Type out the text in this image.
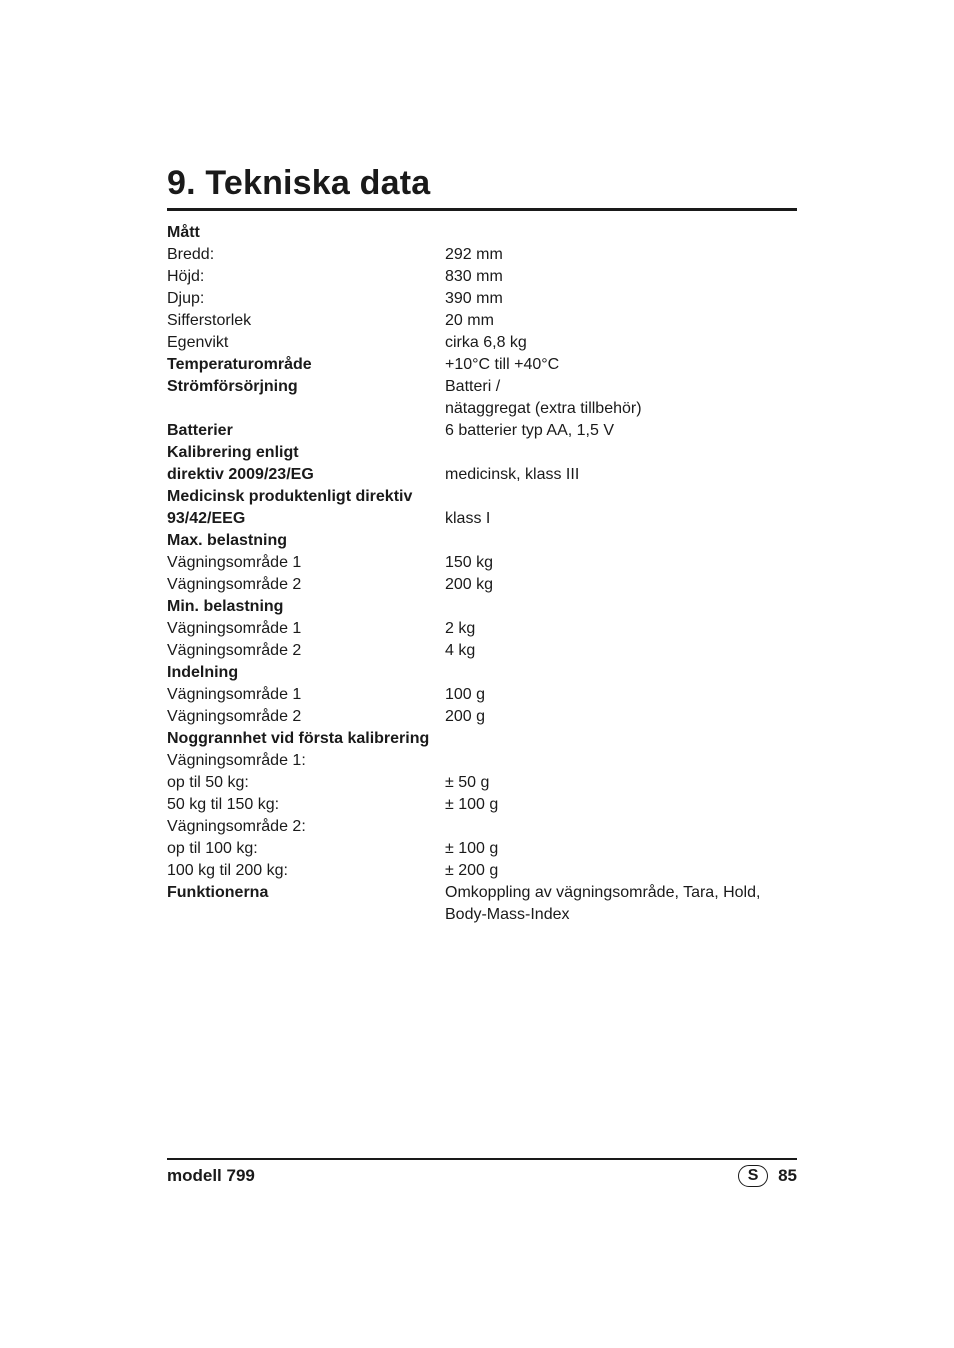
9. Tekniska data
Mått
Bredd:	292 mm
Höjd:	830 mm
Djup:	390 mm
Sifferstorlek	20 mm
Egenvikt	cirka 6,8 kg
Temperaturområde	+10°C till +40°C
Strömförsörjning	Batteri /
nätaggregat (extra tillbehör)
Batterier	6 batterier typ AA, 1,5 V
Kalibrering enligt
direktiv 2009/23/EG	medicinsk, klass III
Medicinsk produktenligt direktiv
93/42/EEG	klass I
Max. belastning
Vägningsområde 1	150 kg
Vägningsområde 2	200 kg
Min. belastning
Vägningsområde 1	2 kg
Vägningsområde 2	4 kg
Indelning
Vägningsområde 1	100 g
Vägningsområde 2	200 g
Noggrannhet vid första kalibrering
Vägningsområde 1:
op til 50 kg:	± 50 g
50 kg til 150 kg:	± 100 g
Vägningsområde 2:
op til 100 kg:	± 100 g
100 kg til 200 kg:	± 200 g
Funktionerna	Omkoppling av vägningsområde, Tara, Hold,
Body-Mass-Index
modell 799	S	85
